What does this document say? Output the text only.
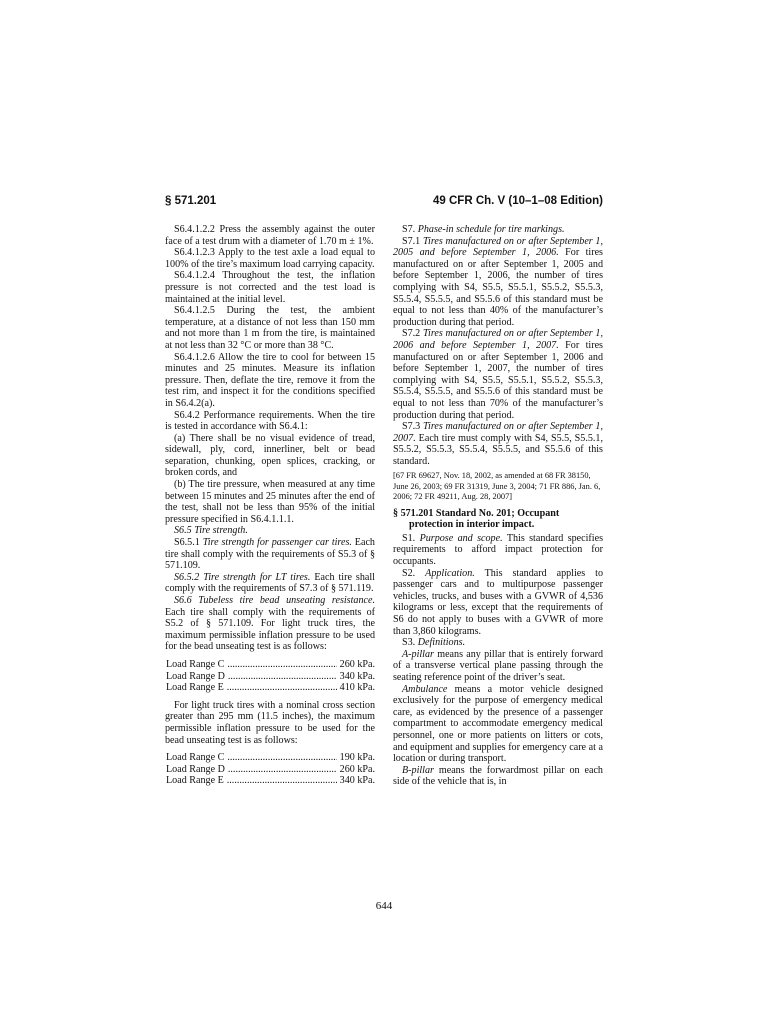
§ 571.201	49 CFR Ch. V (10–1–08 Edition)

S6.4.1.2.2 Press the assembly against the outer face of a test drum with a diameter of 1.70 m ± 1%.

S6.4.1.2.3 Apply to the test axle a load equal to 100% of the tire’s maximum load carrying capacity.

S6.4.1.2.4 Throughout the test, the inflation pressure is not corrected and the test load is maintained at the initial level.

S6.4.1.2.5 During the test, the ambient temperature, at a distance of not less than 150 mm and not more than 1 m from the tire, is maintained at not less than 32 °C or more than 38 °C.

S6.4.1.2.6 Allow the tire to cool for between 15 minutes and 25 minutes. Measure its inflation pressure. Then, deflate the tire, remove it from the test rim, and inspect it for the conditions specified in S6.4.2(a).

S6.4.2 Performance requirements. When the tire is tested in accordance with S6.4.1:

(a) There shall be no visual evidence of tread, sidewall, ply, cord, innerliner, belt or bead separation, chunking, open splices, cracking, or broken cords, and

(b) The tire pressure, when measured at any time between 15 minutes and 25 minutes after the end of the test, shall not be less than 95% of the initial pressure specified in S6.4.1.1.1.

S6.5 Tire strength.

S6.5.1 Tire strength for passenger car tires. Each tire shall comply with the requirements of S5.3 of § 571.109.

S6.5.2 Tire strength for LT tires. Each tire shall comply with the requirements of S7.3 of § 571.119.

S6.6 Tubeless tire bead unseating resistance. Each tire shall comply with the requirements of S5.2 of § 571.109. For light truck tires, the maximum permissible inflation pressure to be used for the bead unseating test is as follows:

Load Range C .....	260 kPa.
Load Range D .....	340 kPa.
Load Range E .....	410 kPa.

For light truck tires with a nominal cross section greater than 295 mm (11.5 inches), the maximum permissible inflation pressure to be used for the bead unseating test is as follows:

Load Range C .....	190 kPa.
Load Range D .....	260 kPa.
Load Range E .....	340 kPa.

S7. Phase-in schedule for tire markings.

S7.1 Tires manufactured on or after September 1, 2005 and before September 1, 2006. For tires manufactured on or after September 1, 2005 and before September 1, 2006, the number of tires complying with S4, S5.5, S5.5.1, S5.5.2, S5.5.3, S5.5.4, S5.5.5, and S5.5.6 of this standard must be equal to not less than 40% of the manufacturer’s production during that period.

S7.2 Tires manufactured on or after September 1, 2006 and before September 1, 2007. For tires manufactured on or after September 1, 2006 and before September 1, 2007, the number of tires complying with S4, S5.5, S5.5.1, S5.5.2, S5.5.3, S5.5.4, S5.5.5, and S5.5.6 of this standard must be equal to not less than 70% of the manufacturer’s production during that period.

S7.3 Tires manufactured on or after September 1, 2007. Each tire must comply with S4, S5.5, S5.5.1, S5.5.2, S5.5.3, S5.5.4, S5.5.5, and S5.5.6 of this standard.

[67 FR 69627, Nov. 18, 2002, as amended at 68 FR 38150, June 26, 2003; 69 FR 31319, June 3, 2004; 71 FR 886, Jan. 6, 2006; 72 FR 49211, Aug. 28, 2007]

§ 571.201 Standard No. 201; Occupant protection in interior impact.

S1. Purpose and scope. This standard specifies requirements to afford impact protection for occupants.

S2. Application. This standard applies to passenger cars and to multipurpose passenger vehicles, trucks, and buses with a GVWR of 4,536 kilograms or less, except that the requirements of S6 do not apply to buses with a GVWR of more than 3,860 kilograms.

S3. Definitions.

A-pillar means any pillar that is entirely forward of a transverse vertical plane passing through the seating reference point of the driver’s seat.

Ambulance means a motor vehicle designed exclusively for the purpose of emergency medical care, as evidenced by the presence of a passenger compartment to accommodate emergency medical personnel, one or more patients on litters or cots, and equipment and supplies for emergency care at a location or during transport.

B-pillar means the forwardmost pillar on each side of the vehicle that is, in

644
